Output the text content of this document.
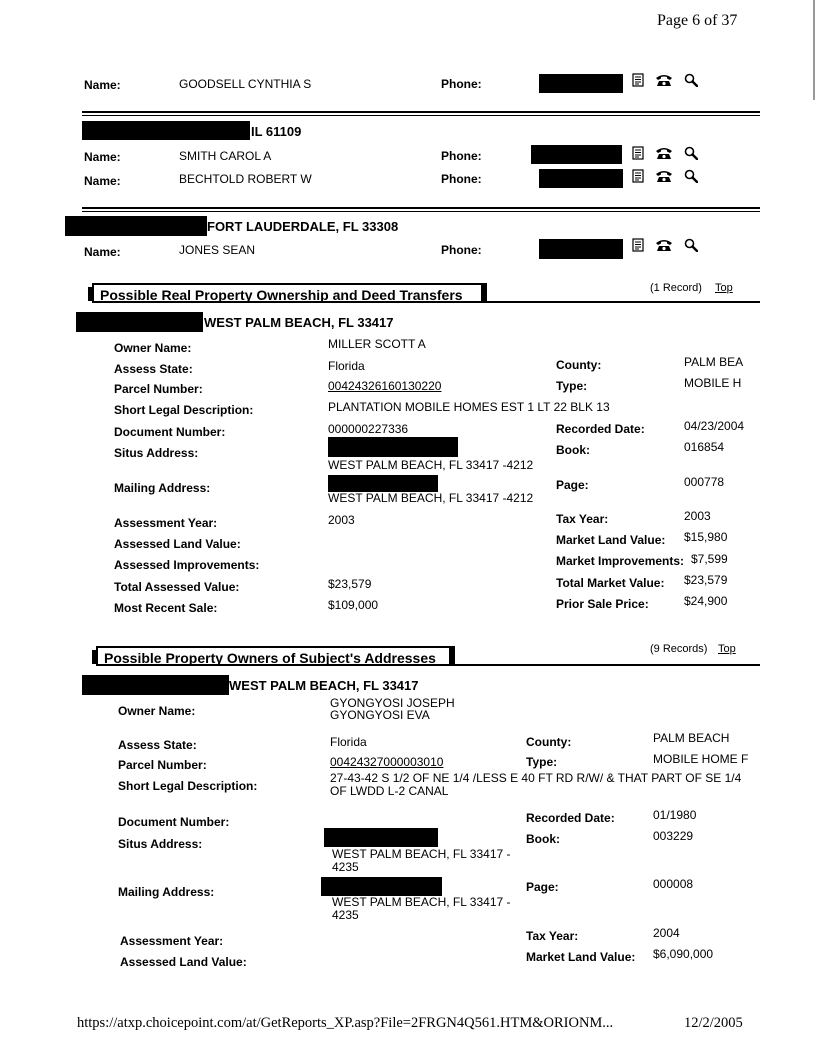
Page 6 of 37
Name:	GOODSELL CYNTHIA S	Phone:
IL 61109
Name:	SMITH CAROL A	Phone:
Name:	BECHTOLD ROBERT W	Phone:
FORT LAUDERDALE, FL 33308
Name:	JONES SEAN	Phone:
Possible Real Property Ownership and Deed Transfers	(1 Record) Top
WEST PALM BEACH, FL 33417
Owner Name:	MILLER SCOTT A
Assess State:	Florida
Parcel Number:	00424326160130220
Short Legal Description:	PLANTATION MOBILE HOMES EST 1 LT 22 BLK 13
Document Number:	000000227336
Situs Address:
WEST PALM BEACH, FL 33417 -4212
Mailing Address:
WEST PALM BEACH, FL 33417 -4212
Assessment Year:	2003
Assessed Land Value:
Assessed Improvements:
Total Assessed Value:	$23,579
Most Recent Sale:	$109,000
County:	PALM BEA
Type:	MOBILE H
Recorded Date:	04/23/2004
Book:	016854
Page:	000778
Tax Year:	2003
Market Land Value: $15,980
Market Improvements: $7,599
Total Market Value: $23,579
Prior Sale Price:	$24,900
Possible Property Owners of Subject's Addresses
(9 Records) Top
WEST PALM BEACH, FL 33417
Owner Name:
GYONGYOSI JOSEPH
GYONGYOSI EVA
Assess State:	Florida
Parcel Number:	00424327000003010
Short Legal Description:
27-43-42 S 1/2 OF NE 1/4 /LESS E 40 FT RD R/W/ & THAT PART OF SE 1/4
OF LWDD L-2 CANAL
Document Number:
Situs Address:
WEST PALM BEACH, FL 33417 -
4235
Mailing Address:
WEST PALM BEACH, FL 33417 -
4235
Assessment Year:
Assessed Land Value:
County:	PALM BEACH
Type:	MOBILE HOME F
Recorded Date:	01/1980
Book:	003229
Page:	000008
Tax Year:	2004
Market Land Value: $6,090,000
https://atxp.choicepoint.com/at/GetReports_XP.asp?File=2FRGN4Q561.HTM&ORIONM...	12/2/2005
